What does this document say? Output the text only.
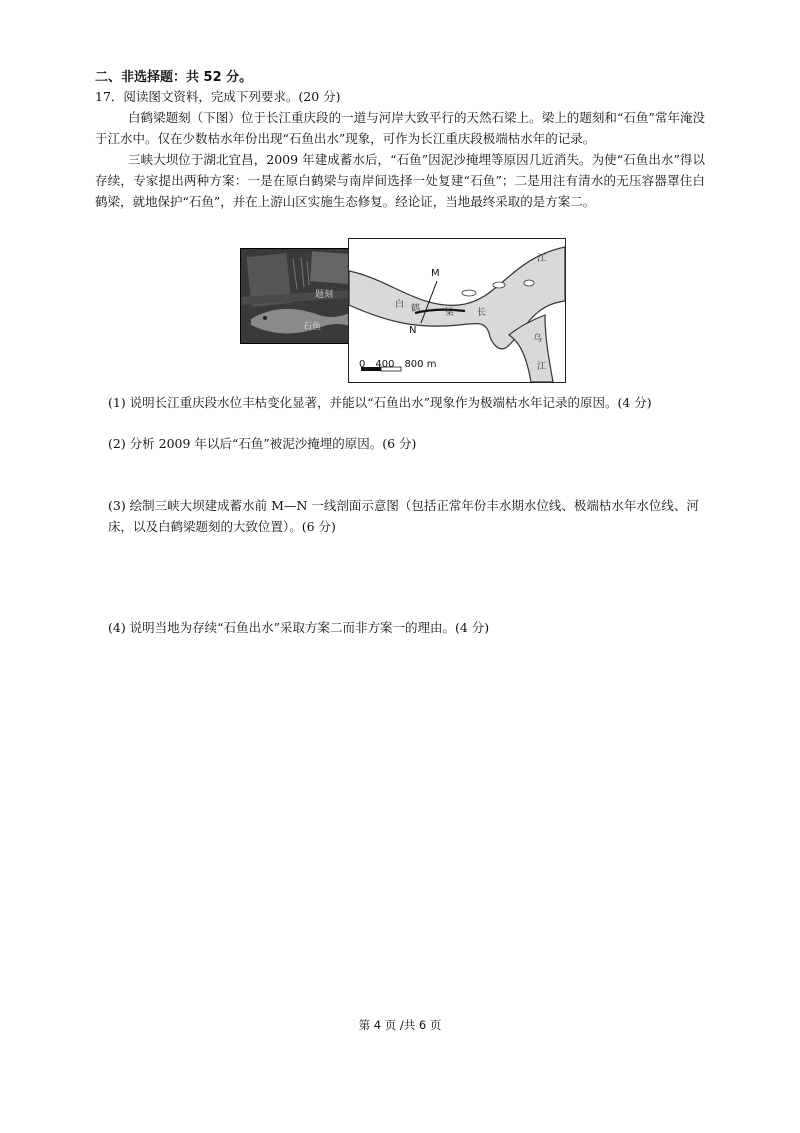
二、非选择题：共 52 分。
17．阅读图文资料，完成下列要求。(20 分)
白鹤梁题刻（下图）位于长江重庆段的一道与河岸大致平行的天然石梁上。梁上的题刻和“石鱼”常年淹没于江水中。仅在少数枯水年份出现“石鱼出水”现象，可作为长江重庆段极端枯水年的记录。
三峡大坝位于湖北宜昌，2009 年建成蓄水后，“石鱼”因泥沙掩埋等原因几近消失。为使“石鱼出水”得以存续，专家提出两种方案：一是在原白鹤梁与南岸间选择一处复建“石鱼”；二是用注有清水的无压容器罩住白鹤梁，就地保护“石鱼”，并在上游山区实施生态修复。经论证，当地最终采取的是方案二。
题刻
石鱼
M
N
江
长
白 鹤	梁
乌
江
0　400　800 m
(1) 说明长江重庆段水位丰枯变化显著，并能以“石鱼出水”现象作为极端枯水年记录的原因。(4 分)
(2) 分析 2009 年以后“石鱼”被泥沙掩埋的原因。(6 分)
(3) 绘制三峡大坝建成蓄水前 M—N 一线剖面示意图（包括正常年份丰水期水位线、极端枯水年水位线、河床，以及白鹤梁题刻的大致位置）。(6 分)
(4) 说明当地为存续“石鱼出水”采取方案二而非方案一的理由。(4 分)
第 4 页 /共 6 页
